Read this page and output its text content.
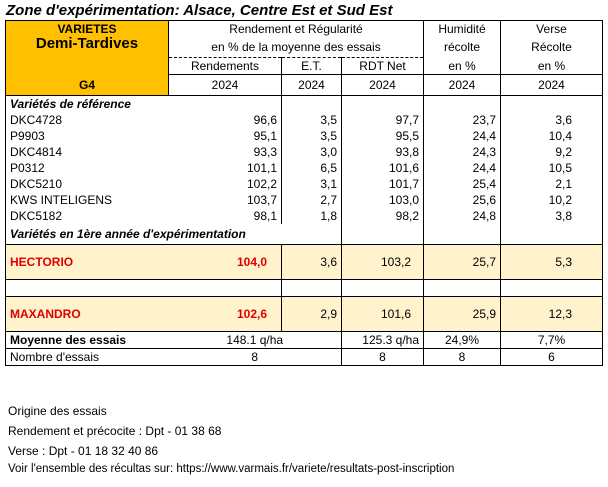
Zone d'expérimentation: Alsace, Centre Est et Sud Est
VARIETES	Rendement et Régularité			Humidité	Verse
Demi-Tardives	en % de la moyenne des essais			récolte	Récolte
	Rendements	E.T.	RDT Net	en %	en %
G4	2024	2024	2024	2024	2024
Variétés de référence					
DKC4728	96,6	3,5	97,7	23,7	3,6
P9903	95,1	3,5	95,5	24,4	10,4
DKC4814	93,3	3,0	93,8	24,3	9,2
P0312	101,1	6,5	101,6	24,4	10,5
DKC5210	102,2	3,1	101,7	25,4	2,1
KWS INTELIGENS	103,7	2,7	103,0	25,6	10,2
DKC5182	98,1	1,8	98,2	24,8	3,8
Variétés en 1ère année d'expérimentation					
HECTORIO	104,0	3,6	103,2	25,7	5,3

MAXANDRO	102,6	2,9	101,6	25,9	12,3
Moyenne des essais	148.1 q/ha		125.3 q/ha	24,9%	7,7%
Nombre d'essais	8		8	8	6
Origine des essais
Rendement et précocite : Dpt - 01 38 68
Verse : Dpt - 01 18 32 40 86
Voir l'ensemble des récultas sur: https://www.varmais.fr/variete/resultats-post-inscription
